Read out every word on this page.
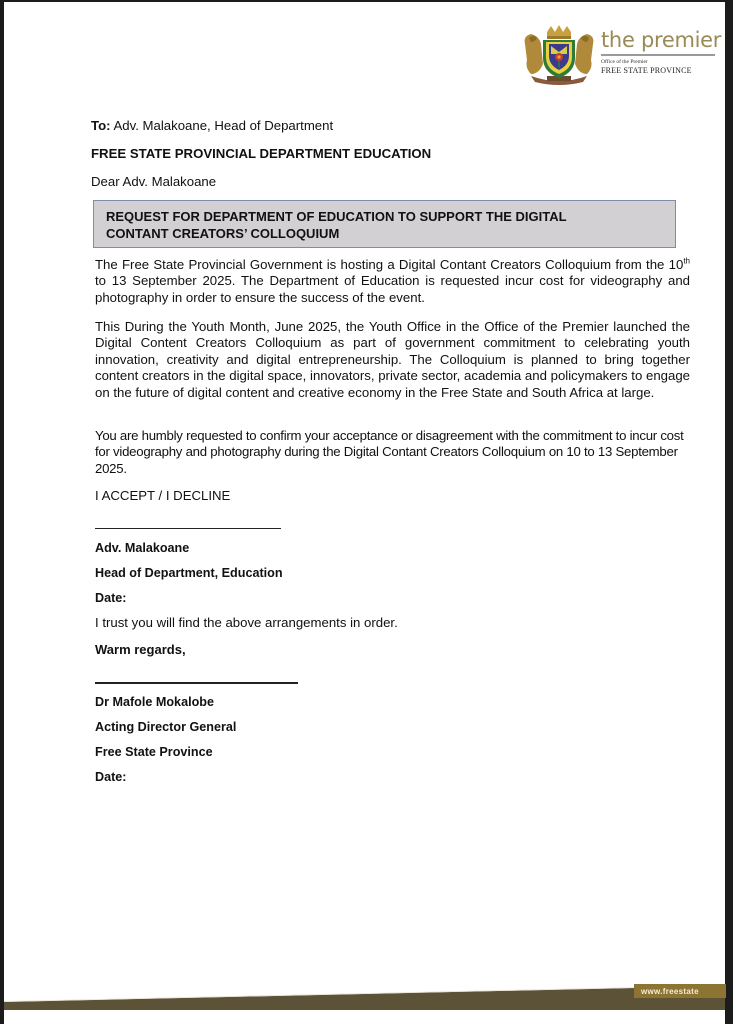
the premier
Office of the Premier
FREE STATE PROVINCE
To: Adv. Malakoane, Head of Department
FREE STATE PROVINCIAL DEPARTMENT EDUCATION
Dear Adv. Malakoane
REQUEST FOR DEPARTMENT OF EDUCATION TO SUPPORT THE DIGITAL
CONTANT CREATORS’ COLLOQUIUM
The Free State Provincial Government is hosting a Digital Contant Creators Colloquium from the 10th to 13 September 2025. The Department of Education is requested incur cost for videography and photography in order to ensure the success of the event.
This During the Youth Month, June 2025, the Youth Office in the Office of the Premier launched the Digital Content Creators Colloquium as part of government commitment to celebrating youth innovation, creativity and digital entrepreneurship. The Colloquium is planned to bring together content creators in the digital space, innovators, private sector, academia and policymakers to engage on the future of digital content and creative economy in the Free State and South Africa at large.
You are humbly requested to confirm your acceptance or disagreement with the commitment to incur cost for videography and photography during the Digital Contant Creators Colloquium on 10 to 13 September 2025.
I ACCEPT / I DECLINE
Adv. Malakoane
Head of Department, Education
Date:
I trust you will find the above arrangements in order.
Warm regards,
Dr Mafole Mokalobe
Acting Director General
Free State Province
Date:
www.freestate
